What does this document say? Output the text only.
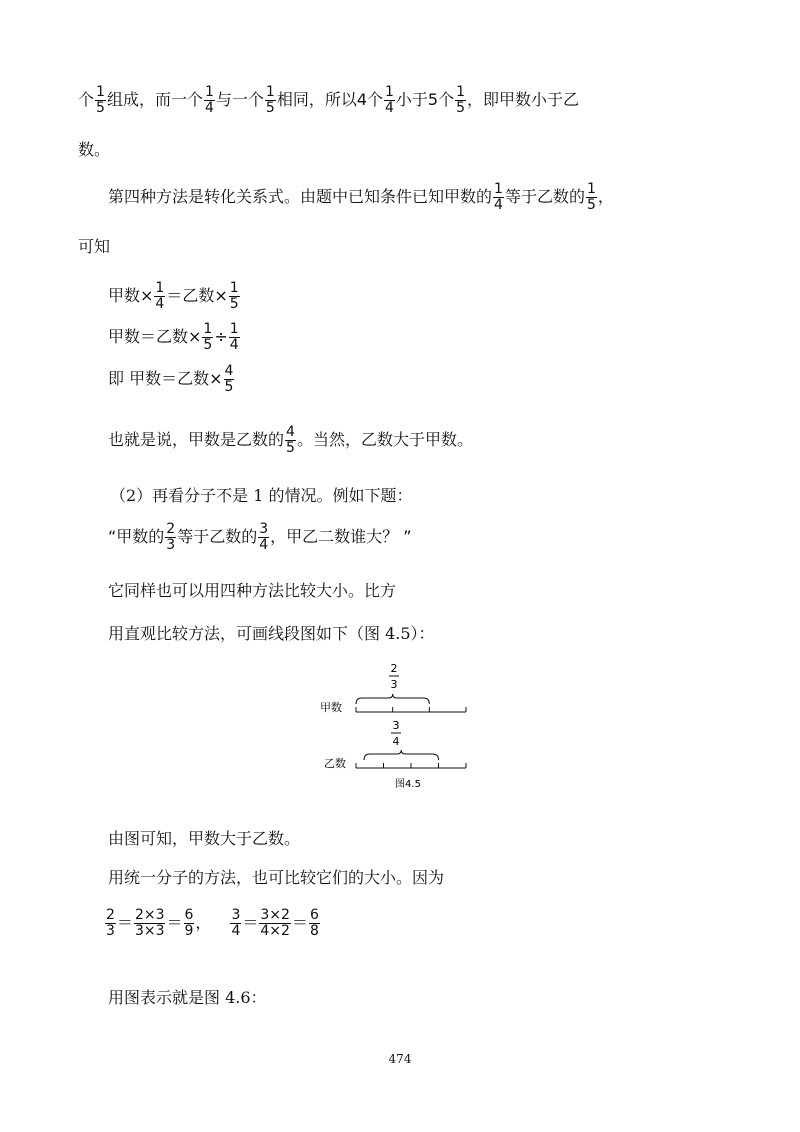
个 $\frac{1}{5}$ 组成，而一个 $\frac{1}{4}$ 与一个 $\frac{1}{5}$ 相同，所以4个 $\frac{1}{4}$ 小于5个 $\frac{1}{5}$ ，即甲数小于乙
数。
第四种方法是转化关系式。由题中已知条件已知甲数的 $\frac{1}{4}$ 等于乙数的 $\frac{1}{5}$ ，
可知
甲数× $\frac{1}{4}$ ＝乙数× $\frac{1}{5}$
甲数＝乙数× $\frac{1}{5} \div \frac{1}{4}$
即 甲数＝乙数× $\frac{4}{5}$
也就是说，甲数是乙数的 $\frac{4}{5}$ 。当然，乙数大于甲数。
（2）再看分子不是 1 的情况。例如下题：
“甲数的 $\frac{2}{3}$ 等于乙数的 $\frac{3}{4}$ ，甲乙二数谁大？ ”
它同样也可以用四种方法比较大小。比方
用直观比较方法，可画线段图如下（图 4.5）：
2
3
甲数
3
4
乙数
图4.5
由图可知，甲数大于乙数。
用统一分子的方法，也可比较它们的大小。因为
$\frac{2}{3} = \frac{2\times 3}{3\times 3} = \frac{6}{9}$ ， $\frac{3}{4} = \frac{3\times 2}{4\times 2} = \frac{6}{8}$
用图表示就是图 4.6：
474
